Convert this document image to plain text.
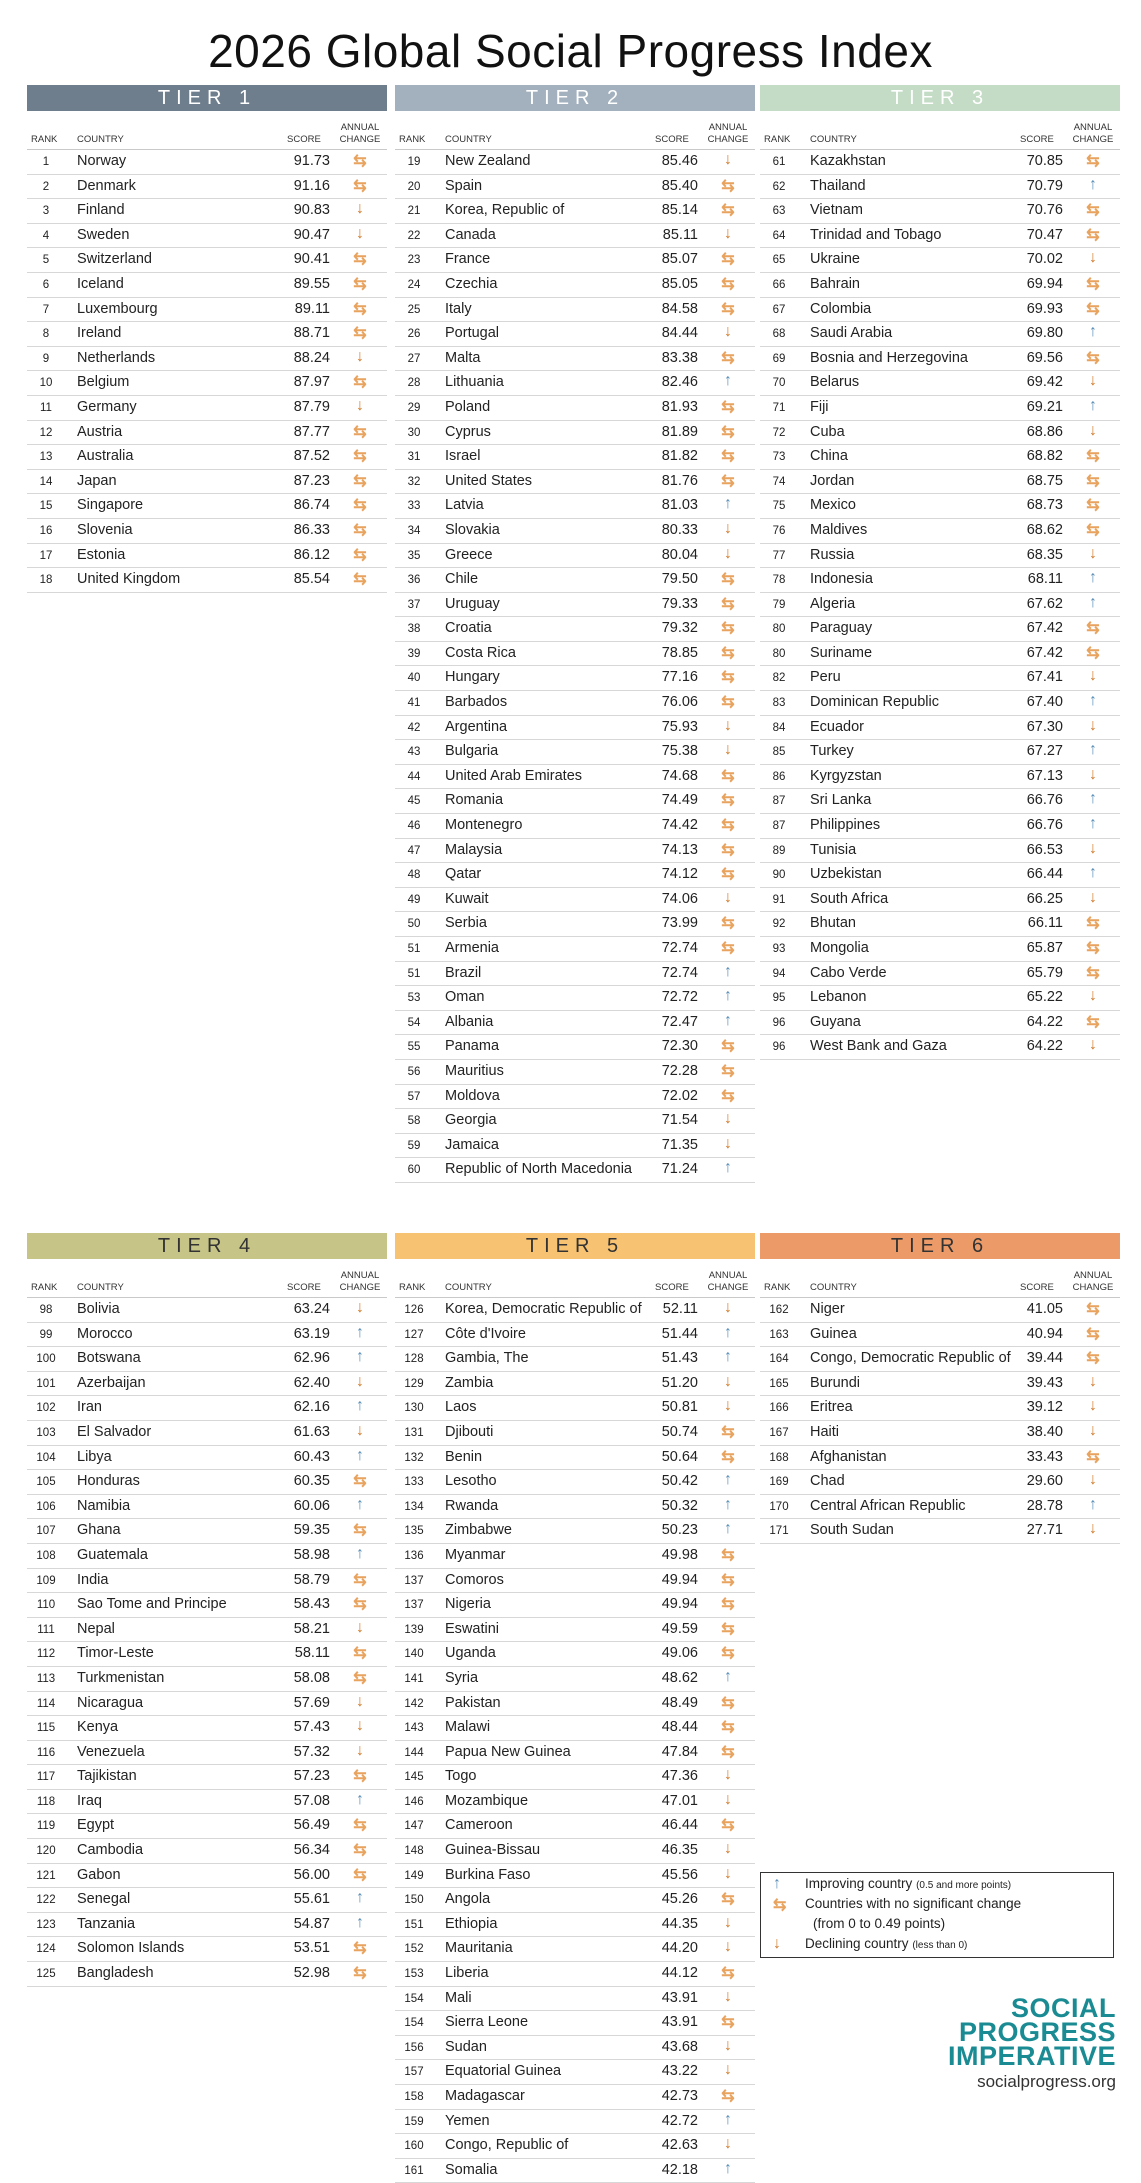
2026 Global Social Progress Index
TIER 1
RANK COUNTRY	SCORE
ANNUAL
CHANGE
1	Norway	91.73 ⇆
2	Denmark	91.16 ⇆
3	Finland	90.83	↓
4	Sweden	90.47	↓
5	Switzerland	90.41 ⇆
6	Iceland	89.55 ⇆
7	Luxembourg	89.11 ⇆
8	Ireland	88.71 ⇆
9	Netherlands	88.24	↓
10	Belgium	87.97 ⇆
11	Germany	87.79	↓
12	Austria	87.77 ⇆
13	Australia	87.52 ⇆
14	Japan	87.23 ⇆
15	Singapore	86.74 ⇆
16	Slovenia	86.33 ⇆
17	Estonia	86.12 ⇆
18	United Kingdom	85.54 ⇆
TIER 2
RANK COUNTRY	SCORE
ANNUAL
CHANGE
19	New Zealand	85.46	↓
20	Spain	85.40 ⇆
21	Korea, Republic of	85.14 ⇆
22	Canada	85.11	↓
23	France	85.07 ⇆
24	Czechia	85.05 ⇆
25	Italy	84.58 ⇆
26	Portugal	84.44	↓
27	Malta	83.38 ⇆
28	Lithuania	82.46	↑
29	Poland	81.93 ⇆
30	Cyprus	81.89 ⇆
31	Israel	81.82 ⇆
32	United States	81.76 ⇆
33	Latvia	81.03	↑
34	Slovakia	80.33	↓
35	Greece	80.04	↓
36	Chile	79.50 ⇆
37	Uruguay	79.33 ⇆
38	Croatia	79.32 ⇆
39	Costa Rica	78.85 ⇆
40	Hungary	77.16 ⇆
41	Barbados	76.06 ⇆
42	Argentina	75.93	↓
43	Bulgaria	75.38	↓
44	United Arab Emirates	74.68 ⇆
45	Romania	74.49 ⇆
46	Montenegro	74.42 ⇆
47	Malaysia	74.13 ⇆
48	Qatar	74.12 ⇆
49	Kuwait	74.06	↓
50	Serbia	73.99 ⇆
51	Armenia	72.74 ⇆
51	Brazil	72.74	↑
53	Oman	72.72	↑
54	Albania	72.47	↑
55	Panama	72.30 ⇆
56	Mauritius	72.28 ⇆
57	Moldova	72.02 ⇆
58	Georgia	71.54	↓
59	Jamaica	71.35	↓
60	Republic of North Macedonia	71.24	↑
TIER 3
RANK COUNTRY	SCORE
ANNUAL
CHANGE
61	Kazakhstan	70.85 ⇆
62	Thailand	70.79	↑
63	Vietnam	70.76 ⇆
64	Trinidad and Tobago	70.47 ⇆
65	Ukraine	70.02	↓
66	Bahrain	69.94 ⇆
67	Colombia	69.93 ⇆
68	Saudi Arabia	69.80	↑
69	Bosnia and Herzegovina	69.56 ⇆
70	Belarus	69.42	↓
71	Fiji	69.21	↑
72	Cuba	68.86	↓
73	China	68.82 ⇆
74	Jordan	68.75 ⇆
75	Mexico	68.73 ⇆
76	Maldives	68.62 ⇆
77	Russia	68.35	↓
78	Indonesia	68.11	↑
79	Algeria	67.62	↑
80	Paraguay	67.42 ⇆
80	Suriname	67.42 ⇆
82	Peru	67.41	↓
83	Dominican Republic	67.40	↑
84	Ecuador	67.30	↓
85	Turkey	67.27	↑
86	Kyrgyzstan	67.13	↓
87	Sri Lanka	66.76	↑
87	Philippines	66.76	↑
89	Tunisia	66.53	↓
90	Uzbekistan	66.44	↑
91	South Africa	66.25	↓
92	Bhutan	66.11 ⇆
93	Mongolia	65.87 ⇆
94	Cabo Verde	65.79 ⇆
95	Lebanon	65.22	↓
96	Guyana	64.22 ⇆
96	West Bank and Gaza	64.22	↓
TIER 4
RANK COUNTRY	SCORE
ANNUAL
CHANGE
98	Bolivia	63.24	↓
99	Morocco	63.19	↑
100	Botswana	62.96	↑
101	Azerbaijan	62.40	↓
102	Iran	62.16	↑
103	El Salvador	61.63	↓
104	Libya	60.43	↑
105	Honduras	60.35 ⇆
106	Namibia	60.06	↑
107	Ghana	59.35 ⇆
108	Guatemala	58.98	↑
109	India	58.79 ⇆
110	Sao Tome and Principe	58.43 ⇆
111	Nepal	58.21	↓
112	Timor-Leste	58.11 ⇆
113	Turkmenistan	58.08 ⇆
114	Nicaragua	57.69	↓
115	Kenya	57.43	↓
116	Venezuela	57.32	↓
117	Tajikistan	57.23 ⇆
118	Iraq	57.08	↑
119	Egypt	56.49 ⇆
120	Cambodia	56.34 ⇆
121	Gabon	56.00 ⇆
122	Senegal	55.61	↑
123	Tanzania	54.87	↑
124	Solomon Islands	53.51 ⇆
125	Bangladesh	52.98 ⇆
TIER 5
RANK COUNTRY	SCORE
ANNUAL
CHANGE
126	Korea, Democratic Republic of	52.11	↓
127	Côte d'Ivoire	51.44	↑
128	Gambia, The	51.43	↑
129	Zambia	51.20	↓
130	Laos	50.81	↓
131	Djibouti	50.74 ⇆
132	Benin	50.64 ⇆
133	Lesotho	50.42	↑
134	Rwanda	50.32	↑
135	Zimbabwe	50.23	↑
136	Myanmar	49.98 ⇆
137	Comoros	49.94 ⇆
137	Nigeria	49.94 ⇆
139	Eswatini	49.59 ⇆
140	Uganda	49.06 ⇆
141	Syria	48.62	↑
142	Pakistan	48.49 ⇆
143	Malawi	48.44 ⇆
144	Papua New Guinea	47.84 ⇆
145	Togo	47.36	↓
146	Mozambique	47.01	↓
147	Cameroon	46.44 ⇆
148	Guinea-Bissau	46.35	↓
149	Burkina Faso	45.56	↓
150	Angola	45.26 ⇆
151	Ethiopia	44.35	↓
152	Mauritania	44.20	↓
153	Liberia	44.12 ⇆
154	Mali	43.91	↓
154	Sierra Leone	43.91 ⇆
156	Sudan	43.68	↓
157	Equatorial Guinea	43.22	↓
158	Madagascar	42.73 ⇆
159	Yemen	42.72	↑
160	Congo, Republic of	42.63	↓
161	Somalia	42.18	↑
TIER 6
RANK COUNTRY	SCORE
ANNUAL
CHANGE
162	Niger	41.05 ⇆
163	Guinea	40.94 ⇆
164	Congo, Democratic Republic of	39.44 ⇆
165	Burundi	39.43	↓
166	Eritrea	39.12	↓
167	Haiti	38.40	↓
168	Afghanistan	33.43 ⇆
169	Chad	29.60	↓
170	Central African Republic	28.78	↑
171	South Sudan	27.71	↓
↑ Improving country (0.5 and more points)
⇆ Countries with no significant change
(from 0 to 0.49 points)
↓ Declining country (less than 0)
SOCIAL
PROGRESS
IMPERATIVE
socialprogress.org
